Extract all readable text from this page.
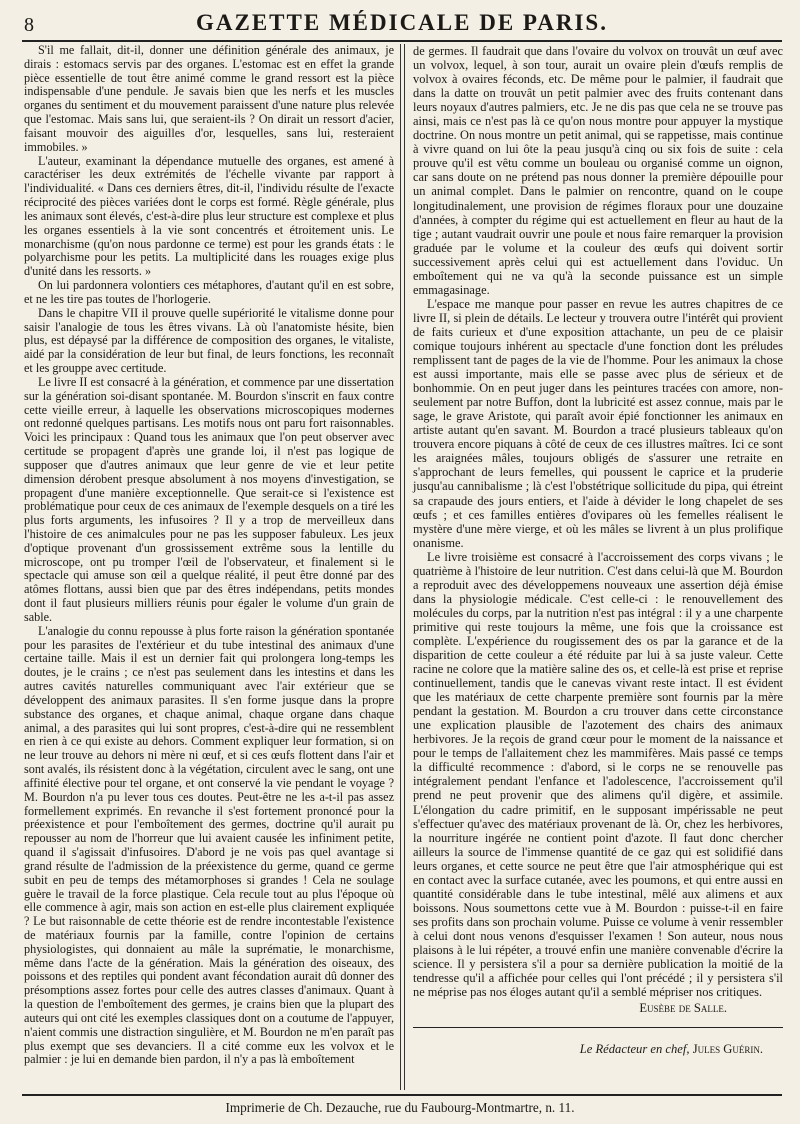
8	GAZETTE MÉDICALE DE PARIS.

S'il me fallait, dit-il, donner une définition générale des animaux, je dirais : estomacs servis par des organes. L'estomac est en effet la grande pièce essentielle de tout être animé comme le grand ressort est la pièce indispensable d'une pendule. Je savais bien que les nerfs et les muscles organes du sentiment et du mouvement paraissent d'une nature plus relevée que l'estomac. Mais sans lui, que seraient-ils ? On dirait un ressort d'acier, faisant mouvoir des aiguilles d'or, lesquelles, sans lui, resteraient immobiles. »

L'auteur, examinant la dépendance mutuelle des organes, est amené à caractériser les deux extrémités de l'échelle vivante par rapport à l'individualité. « Dans ces derniers êtres, dit-il, l'individu résulte de l'exacte réciprocité des pièces variées dont le corps est formé. Règle générale, plus les animaux sont élevés, c'est-à-dire plus leur structure est complexe et plus les organes essentiels à la vie sont concentrés et étroitement unis. Le monarchisme (qu'on nous pardonne ce terme) est pour les grands états : le polyarchisme pour les petits. La multiplicité dans les rouages exige plus d'unité dans les ressorts. »

On lui pardonnera volontiers ces métaphores, d'autant qu'il en est sobre, et ne les tire pas toutes de l'horlogerie.

Dans le chapitre VII il prouve quelle supériorité le vitalisme donne pour saisir l'analogie de tous les êtres vivans. Là où l'anatomiste hésite, bien plus, est dépaysé par la différence de composition des organes, le vitaliste, aidé par la considération de leur but final, de leurs fonctions, les reconnaît et les grouppe avec certitude.

Le livre II est consacré à la génération, et commence par une dissertation sur la génération soi-disant spontanée. M. Bourdon s'inscrit en faux contre cette vieille erreur, à laquelle les observations microscopiques modernes ont redonné quelques partisans. Les motifs nous ont paru fort raisonnables. Voici les principaux : Quand tous les animaux que l'on peut observer avec certitude se propagent d'après une grande loi, il n'est pas logique de supposer que d'autres animaux que leur genre de vie et leur petite dimension dérobent presque absolument à nos moyens d'investigation, se propagent d'une manière exceptionnelle. Que serait-ce si l'existence est problématique pour ceux de ces animaux de l'exemple desquels on a tiré les plus forts arguments, les infusoires ? Il y a trop de merveilleux dans l'histoire de ces animalcules pour ne pas les supposer fabuleux. Les jeux d'optique provenant d'un grossissement extrême sous la lentille du microscope, ont pu tromper l'œil de l'observateur, et finalement si le spectacle qui amuse son œil a quelque réalité, il peut être donné par des atômes flottans, aussi bien que par des êtres indépendans, petits mondes dont il faut plusieurs milliers réunis pour égaler le volume d'un grain de sable.

L'analogie du connu repousse à plus forte raison la génération spontanée pour les parasites de l'extérieur et du tube intestinal des animaux d'une certaine taille. Mais il est un dernier fait qui prolongera long-temps les doutes, je le crains ; ce n'est pas seulement dans les intestins et dans les autres cavités naturelles communiquant avec l'air extérieur que se développent des animaux parasites. Il s'en forme jusque dans la propre substance des organes, et chaque animal, chaque organe dans chaque animal, a des parasites qui lui sont propres, c'est-à-dire qui ne ressemblent en rien à ce qui existe au dehors. Comment expliquer leur formation, si on ne leur trouve au dehors ni mère ni œuf, et si ces œufs flottent dans l'air et sont avalés, ils résistent donc à la végétation, circulent avec le sang, ont une affinité élective pour tel organe, et ont conservé la vie pendant le voyage ? M. Bourdon n'a pu lever tous ces doutes. Peut-être ne les a-t-il pas assez formellement exprimés. En revanche il s'est fortement prononcé pour la préexistence et pour l'emboîtement des germes, doctrine qu'il aurait pu repousser au nom de l'horreur que lui avaient causée les infiniment petite, quand il s'agissait d'infusoires. D'abord je ne vois pas quel avantage si grand résulte de l'admission de la préexistence du germe, quand ce germe subit en peu de temps des métamorphoses si grandes ! Cela ne soulage guère le travail de la force plastique. Cela recule tout au plus l'époque où elle commence à agir, mais son action en est-elle plus clairement expliquée ? Le but raisonnable de cette théorie est de rendre incontestable l'existence de matériaux fournis par la famille, contre l'opinion de certains physiologistes, qui donnaient au mâle la suprématie, le monarchisme, même dans l'acte de la génération. Mais la génération des oiseaux, des poissons et des reptiles qui pondent avant fécondation aurait dû donner des présomptions assez fortes pour celle des autres classes d'animaux. Quant à la question de l'emboîtement des germes, je crains bien que la plupart des auteurs qui ont cité les exemples classiques dont on a coutume de l'appuyer, n'aient commis une distraction singulière, et M. Bourdon ne m'en paraît pas plus exempt que ses devanciers. Il a cité comme eux les volvox et le palmier : je lui en demande bien pardon, il n'y a pas là emboîtement

de germes. Il faudrait que dans l'ovaire du volvox on trouvât un œuf avec un volvox, lequel, à son tour, aurait un ovaire plein d'œufs remplis de volvox à ovaires féconds, etc. De même pour le palmier, il faudrait que dans la datte on trouvât un petit palmier avec des fruits contenant dans leurs noyaux d'autres palmiers, etc. Je ne dis pas que cela ne se trouve pas ainsi, mais ce n'est pas là ce qu'on nous montre pour appuyer la mystique doctrine. On nous montre un petit animal, qui se rappetisse, mais continue à vivre quand on lui ôte la peau jusqu'à cinq ou six fois de suite : cela prouve qu'il est vêtu comme un bouleau ou organisé comme un oignon, car sans doute on ne prétend pas nous donner la première dépouille pour un animal complet. Dans le palmier on rencontre, quand on le coupe longitudinalement, une provision de régimes floraux pour une douzaine d'années, à compter du régime qui est actuellement en fleur au haut de la tige ; autant vaudrait ouvrir une poule et nous faire remarquer la provision graduée par le volume et la couleur des œufs qui doivent sortir successivement après celui qui est actuellement dans l'oviduc. Un emboîtement qui ne va qu'à la seconde puissance est un simple emmagasinage.

L'espace me manque pour passer en revue les autres chapitres de ce livre II, si plein de détails. Le lecteur y trouvera outre l'intérêt qui provient de faits curieux et d'une exposition attachante, un peu de ce plaisir comique toujours inhérent au spectacle d'une fonction dont les préludes remplissent tant de pages de la vie de l'homme. Pour les animaux la chose est aussi importante, mais elle se passe avec plus de sérieux et de bonhommie. On en peut juger dans les peintures tracées con amore, non-seulement par notre Buffon, dont la lubricité est assez connue, mais par le sage, le grave Aristote, qui paraît avoir épié fonctionner les animaux en artiste autant qu'en savant. M. Bourdon a tracé plusieurs tableaux qu'on trouvera encore piquans à côté de ceux de ces illustres maîtres. Ici ce sont les araignées mâles, toujours obligés de s'assurer une retraite en s'approchant de leurs femelles, qui poussent le caprice et la pruderie jusqu'au cannibalisme ; là c'est l'obstétrique sollicitude du pipa, qui étreint sa crapaude des jours entiers, et l'aide à dévider le long chapelet de ses œufs ; et ces familles entières d'ovipares où les femelles réalisent le mystère d'une mère vierge, et où les mâles se livrent à un plus prolifique onanisme.

Le livre troisième est consacré à l'accroissement des corps vivans ; le quatrième à l'histoire de leur nutrition. C'est dans celui-là que M. Bourdon a reproduit avec des développemens nouveaux une assertion déjà émise dans la physiologie médicale. C'est celle-ci : le renouvellement des molécules du corps, par la nutrition n'est pas intégral : il y a une charpente primitive qui reste toujours la même, une fois que la croissance est complète. L'expérience du rougissement des os par la garance et de la disparition de cette couleur a été réduite par lui à sa juste valeur. Cette racine ne colore que la matière saline des os, et celle-là est prise et reprise continuellement, tandis que le canevas vivant reste intact. Il est évident que les matériaux de cette charpente première sont fournis par la mère pendant la gestation. M. Bourdon a cru trouver dans cette circonstance une explication plausible de l'azotement des chairs des animaux herbivores. Je la reçois de grand cœur pour le moment de la naissance et pour le temps de l'allaitement chez les mammifères. Mais passé ce temps la difficulté recommence : d'abord, si le corps ne se renouvelle pas intégralement pendant l'enfance et l'adolescence, l'accroissement qu'il prend ne peut provenir que des alimens qu'il digère, et assimile. L'élongation du cadre primitif, en le supposant impérissable ne peut s'effectuer qu'avec des matériaux provenant de là. Or, chez les herbivores, la nourriture ingérée ne contient point d'azote. Il faut donc chercher ailleurs la source de l'immense quantité de ce gaz qui est solidifié dans leurs organes, et cette source ne peut être que l'air atmosphérique qui est en contact avec la surface cutanée, avec les poumons, et qui entre aussi en quantité considérable dans le tube intestinal, mêlé aux alimens et aux boissons. Nous soumettons cette vue à M. Bourdon : puisse-t-il en faire ses profits dans son prochain volume. Puisse ce volume à venir ressembler à celui dont nous venons d'esquisser l'examen ! Son auteur, nous nous plaisons à le lui répéter, a trouvé enfin une manière convenable d'écrire la science. Il y persistera s'il a pour sa dernière publication la moitié de la tendresse qu'il a affichée pour celles qui l'ont précédé ; il y persistera s'il ne méprise pas nos éloges autant qu'il a semblé mépriser nos critiques.

Eusèbe de Salle.
Le Rédacteur en chef, Jules Guérin.
Imprimerie de Ch. Dezauche, rue du Faubourg-Montmartre, n. 11.
